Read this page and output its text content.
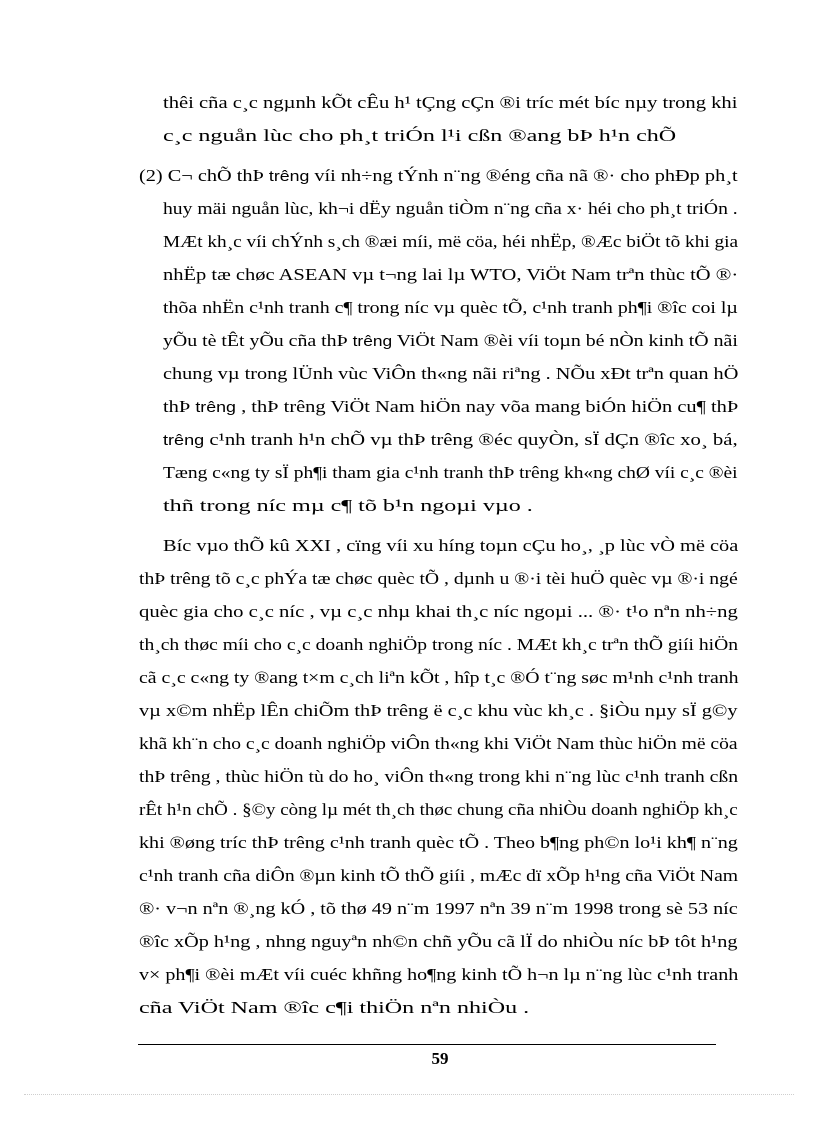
thêi cña c¸c ngµnh kÕt cÊu h¹ tÇng cÇn ®i tríc mét bíc nµy trong khi
c¸c nguån lùc cho ph¸t triÓn l¹i cßn ®ang bÞ h¹n chÕ
(2) C¬ chÕ thÞ trêng víi nh÷ng tÝnh n¨ng ®éng cña nã ®· cho phÐp ph¸t
huy mäi nguån lùc, kh¬i dËy nguån tiÒm n¨ng cña x· héi cho ph¸t triÓn .
MÆt kh¸c víi chÝnh s¸ch ®æi míi, më cöa, héi nhËp, ®Æc biÖt tõ khi gia
nhËp tæ chøc ASEAN vµ t¬ng lai lµ WTO, ViÖt Nam trªn thùc tÕ ®·
thõa nhËn c¹nh tranh c¶ trong níc vµ quèc tÕ, c¹nh tranh ph¶i ®îc coi lµ
yÕu tè tÊt yÕu cña thÞ trêng ViÖt Nam ®èi víi toµn bé nÒn kinh tÕ nãi
chung vµ trong lÜnh vùc ViÔn th«ng nãi riªng . NÕu xÐt trªn quan hÖ
thÞ trêng , thÞ trêng ViÖt Nam hiÖn nay võa mang biÓn hiÖn cu¶ thÞ
trêng c¹nh tranh h¹n chÕ vµ thÞ trêng ®éc quyÒn, sÏ dÇn ®îc xo¸ bá,
Tæng c«ng ty sÏ ph¶i tham gia c¹nh tranh thÞ trêng kh«ng chØ víi c¸c ®èi
thñ trong níc mµ c¶ tõ b¹n ngoµi vµo .
Bíc vµo thÕ kû XXI , cïng víi xu híng toµn cÇu ho¸, ¸p lùc vÒ më cöa
thÞ trêng tõ c¸c phÝa tæ chøc quèc tÕ , dµnh u ®·i tèi huÖ quèc vµ ®·i ngé
quèc gia cho c¸c níc , vµ c¸c nhµ khai th¸c níc ngoµi ... ®· t¹o nªn nh÷ng
th¸ch thøc míi cho c¸c doanh nghiÖp trong níc . MÆt kh¸c trªn thÕ giíi hiÖn
cã c¸c c«ng ty ®ang t×m c¸ch liªn kÕt , hîp t¸c ®Ó t¨ng søc m¹nh c¹nh tranh
vµ x©m nhËp lÊn chiÕm thÞ trêng ë c¸c khu vùc kh¸c . §iÒu nµy sÏ g©y
khã kh¨n cho c¸c doanh nghiÖp viÔn th«ng khi ViÖt Nam thùc hiÖn më cöa
thÞ trêng , thùc hiÖn tù do ho¸ viÔn th«ng trong khi n¨ng lùc c¹nh tranh cßn
rÊt h¹n chÕ . §©y còng lµ mét th¸ch thøc chung cña nhiÒu doanh nghiÖp kh¸c
khi ®øng tríc thÞ trêng c¹nh tranh quèc tÕ . Theo b¶ng ph©n lo¹i kh¶ n¨ng
c¹nh tranh cña diÔn ®µn kinh tÕ thÕ giíi , mÆc dï xÕp h¹ng cña ViÖt Nam
®· v¬n nªn ®¸ng kÓ , tõ thø 49 n¨m 1997 nªn 39 n¨m 1998 trong sè 53 níc
®îc xÕp h¹ng , nhng nguyªn nh©n chñ yÕu cã lÏ do nhiÒu níc bÞ tôt h¹ng
v× ph¶i ®èi mÆt víi cuéc khñng ho¶ng kinh tÕ h¬n lµ n¨ng lùc c¹nh tranh
cña ViÖt Nam ®îc c¶i thiÖn nªn nhiÒu .
59
